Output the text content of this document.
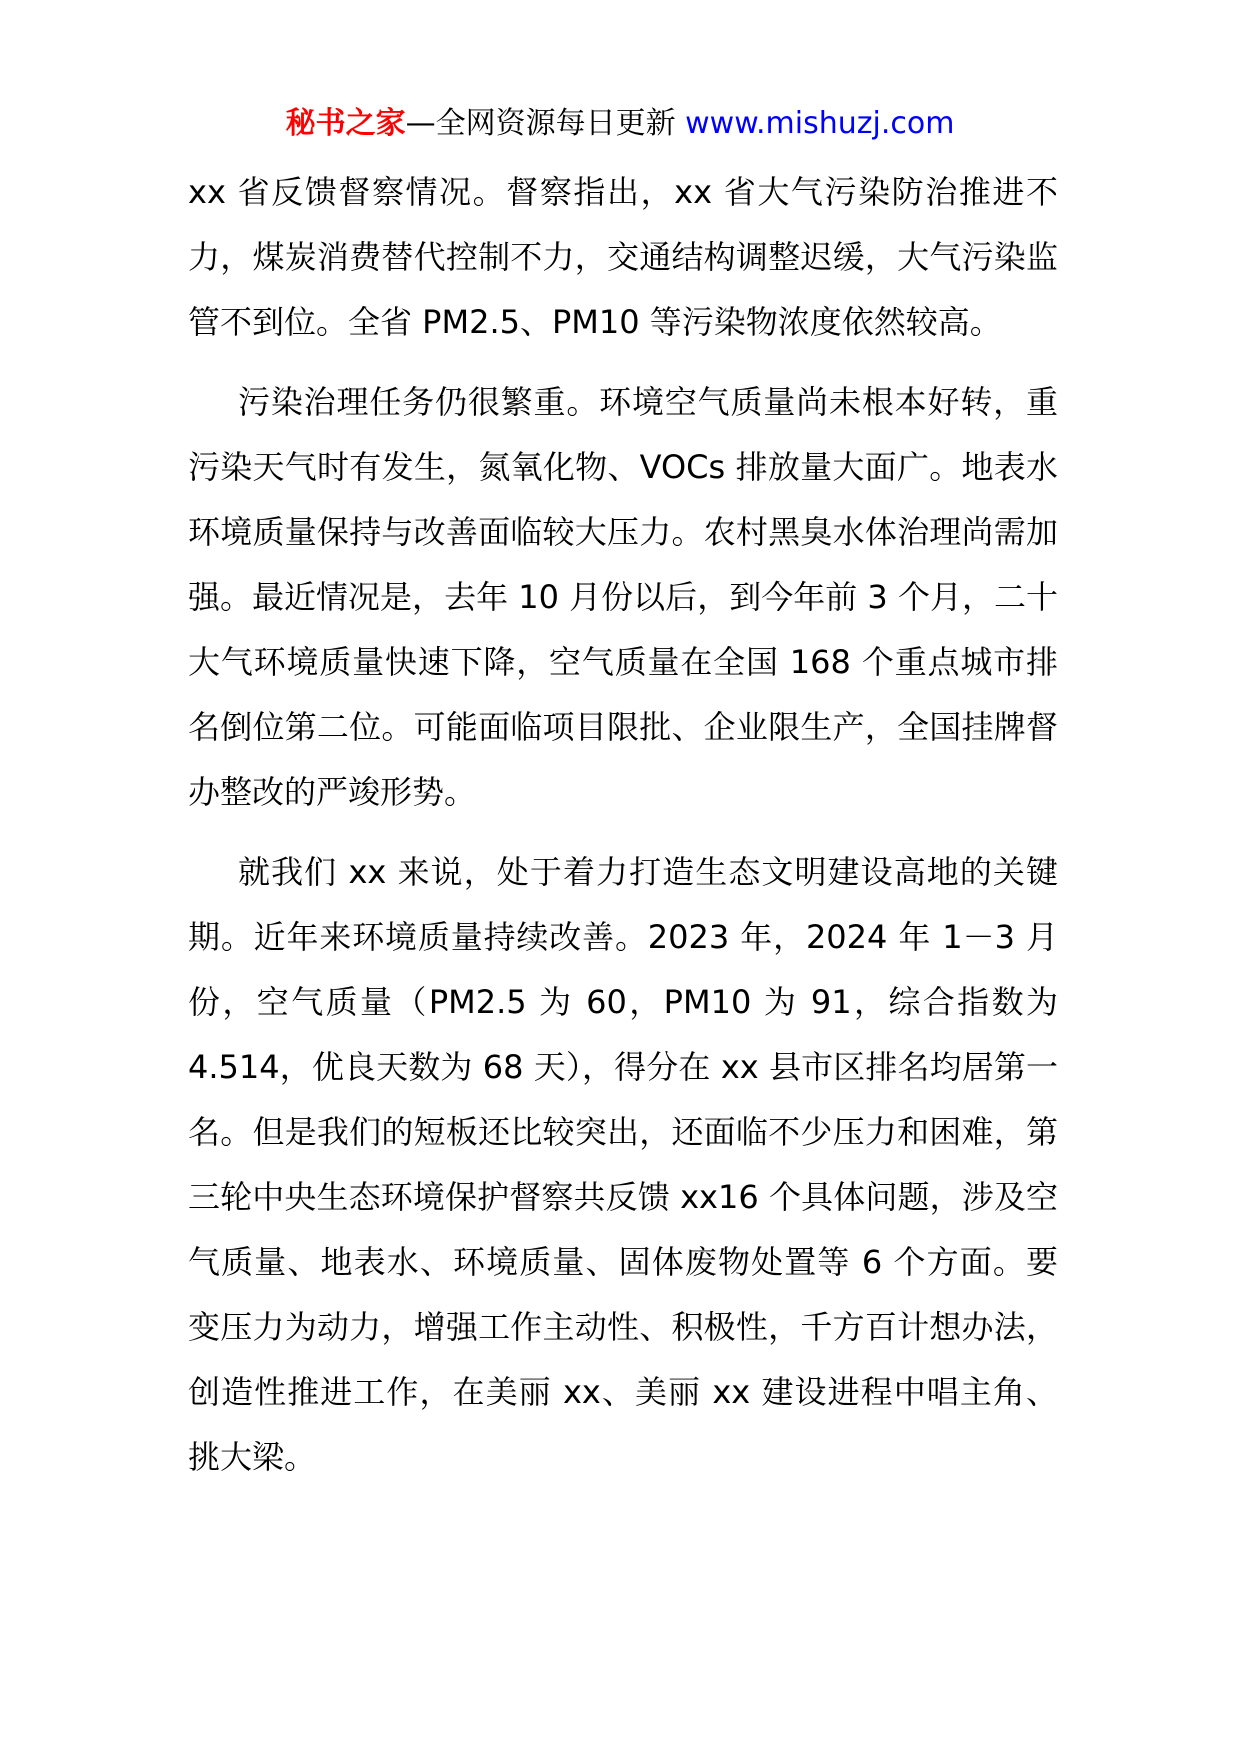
秘书之家—全网资源每日更新 www.mishuzj.com

xx 省反馈督察情况。督察指出，xx 省大气污染防治推进不力，煤炭消费替代控制不力，交通结构调整迟缓，大气污染监管不到位。全省 PM2.5、PM10 等污染物浓度依然较高。

污染治理任务仍很繁重。环境空气质量尚未根本好转，重污染天气时有发生，氮氧化物、VOCs 排放量大面广。地表水环境质量保持与改善面临较大压力。农村黑臭水体治理尚需加强。最近情况是，去年 10 月份以后，到今年前 3 个月，二十大气环境质量快速下降，空气质量在全国 168 个重点城市排名倒位第二位。可能面临项目限批、企业限生产，全国挂牌督办整改的严竣形势。

就我们 xx 来说，处于着力打造生态文明建设高地的关键期。近年来环境质量持续改善。2023 年，2024 年 1－3 月份，空气质量（PM2.5 为 60，PM10 为 91，综合指数为 4.514，优良天数为 68 天），得分在 xx 县市区排名均居第一名。但是我们的短板还比较突出，还面临不少压力和困难，第三轮中央生态环境保护督察共反馈 xx16 个具体问题，涉及空气质量、地表水、环境质量、固体废物处置等 6 个方面。要变压力为动力，增强工作主动性、积极性，千方百计想办法，创造性推进工作，在美丽 xx、美丽 xx 建设进程中唱主角、挑大梁。
